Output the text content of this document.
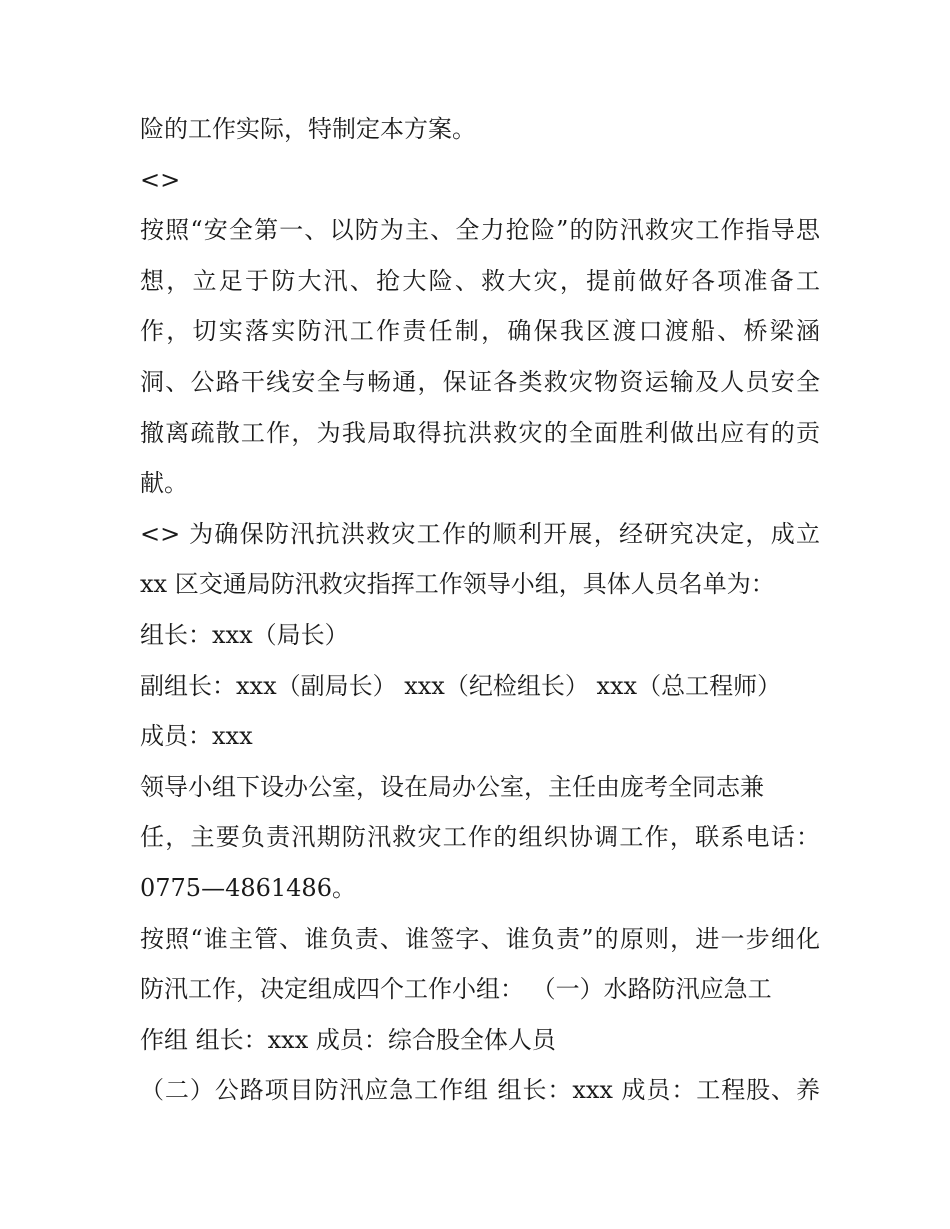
险的工作实际，特制定本方案。
<>
按照“安全第一、以防为主、全力抢险”的防汛救灾工作指导思
想，立足于防大汛、抢大险、救大灾，提前做好各项准备工
作，切实落实防汛工作责任制，确保我区渡口渡船、桥梁涵
洞、公路干线安全与畅通，保证各类救灾物资运输及人员安全
撤离疏散工作，为我局取得抗洪救灾的全面胜利做出应有的贡
献。
<> 为确保防汛抗洪救灾工作的顺利开展，经研究决定，成立
xx 区交通局防汛救灾指挥工作领导小组，具体人员名单为：
组长：xxx（局长）
副组长：xxx（副局长） xxx（纪检组长） xxx（总工程师）
成员：xxx
领导小组下设办公室，设在局办公室，主任由庞考全同志兼
任，主要负责汛期防汛救灾工作的组织协调工作，联系电话：
0775—4861486。
按照“谁主管、谁负责、谁签字、谁负责”的原则，进一步细化
防汛工作，决定组成四个工作小组： （一）水路防汛应急工
作组 组长：xxx 成员：综合股全体人员
（二）公路项目防汛应急工作组 组长：xxx 成员：工程股、养
